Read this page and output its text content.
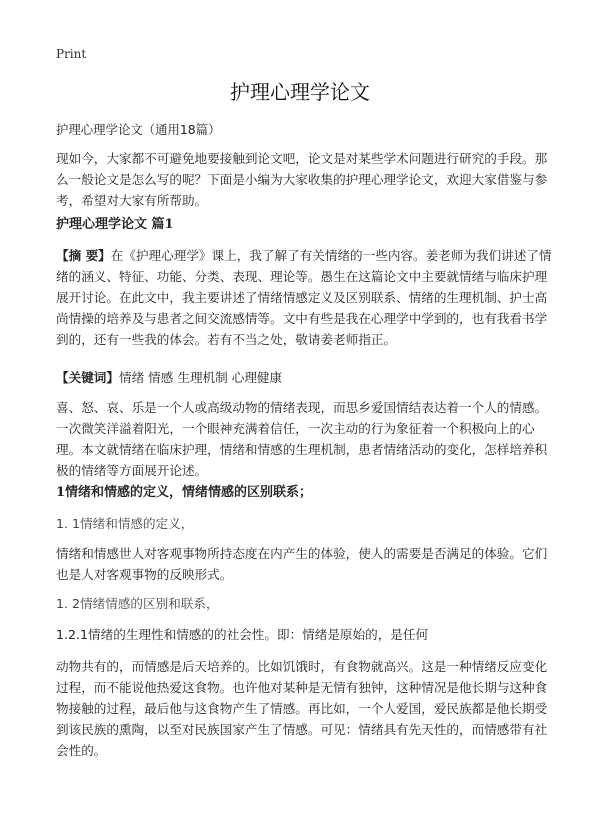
Print
护理心理学论文

护理心理学论文（通用18篇）

现如今，大家都不可避免地要接触到论文吧，论文是对某些学术问题进行研究的手段。那么一般论文是怎么写的呢？下面是小编为大家收集的护理心理学论文，欢迎大家借鉴与参考，希望对大家有所帮助。

护理心理学论文 篇1

【摘 要】在《护理心理学》课上，我了解了有关情绪的一些内容。姜老师为我们讲述了情绪的涵义、特征、功能、分类、表现、理论等。愚生在这篇论文中主要就情绪与临床护理展开讨论。在此文中，我主要讲述了情绪情感定义及区别联系、情绪的生理机制、护士高尚情操的培养及与患者之间交流感情等。文中有些是我在心理学中学到的，也有我看书学到的，还有一些我的体会。若有不当之处，敬请姜老师指正。

【关键词】情绪 情感 生理机制 心理健康

喜、怒、哀、乐是一个人或高级动物的情绪表现，而思乡爱国情结表达着一个人的情感。一次微笑洋溢着阳光，一个眼神充满着信任，一次主动的行为象征着一个积极向上的心理。本文就情绪在临床护理，情绪和情感的生理机制，患者情绪活动的变化，怎样培养积极的情绪等方面展开论述。

1情绪和情感的定义，情绪情感的区别联系；

1. 1情绪和情感的定义，

情绪和情感世人对客观事物所持态度在内产生的体验，使人的需要是否满足的体验。它们也是人对客观事物的反映形式。

1. 2情绪情感的区别和联系，

1.2.1情绪的生理性和情感的的社会性。即：情绪是原始的，是任何

动物共有的，而情感是后天培养的。比如饥饿时，有食物就高兴。这是一种情绪反应变化过程，而不能说他热爱这食物。也许他对某种是无情有独钟，这种情况是他长期与这种食物接触的过程，最后他与这食物产生了情感。再比如，一个人爱国，爱民族都是他长期受到该民族的熏陶，以至对民族国家产生了情感。可见：情绪具有先天性的，而情感带有社会性的。
